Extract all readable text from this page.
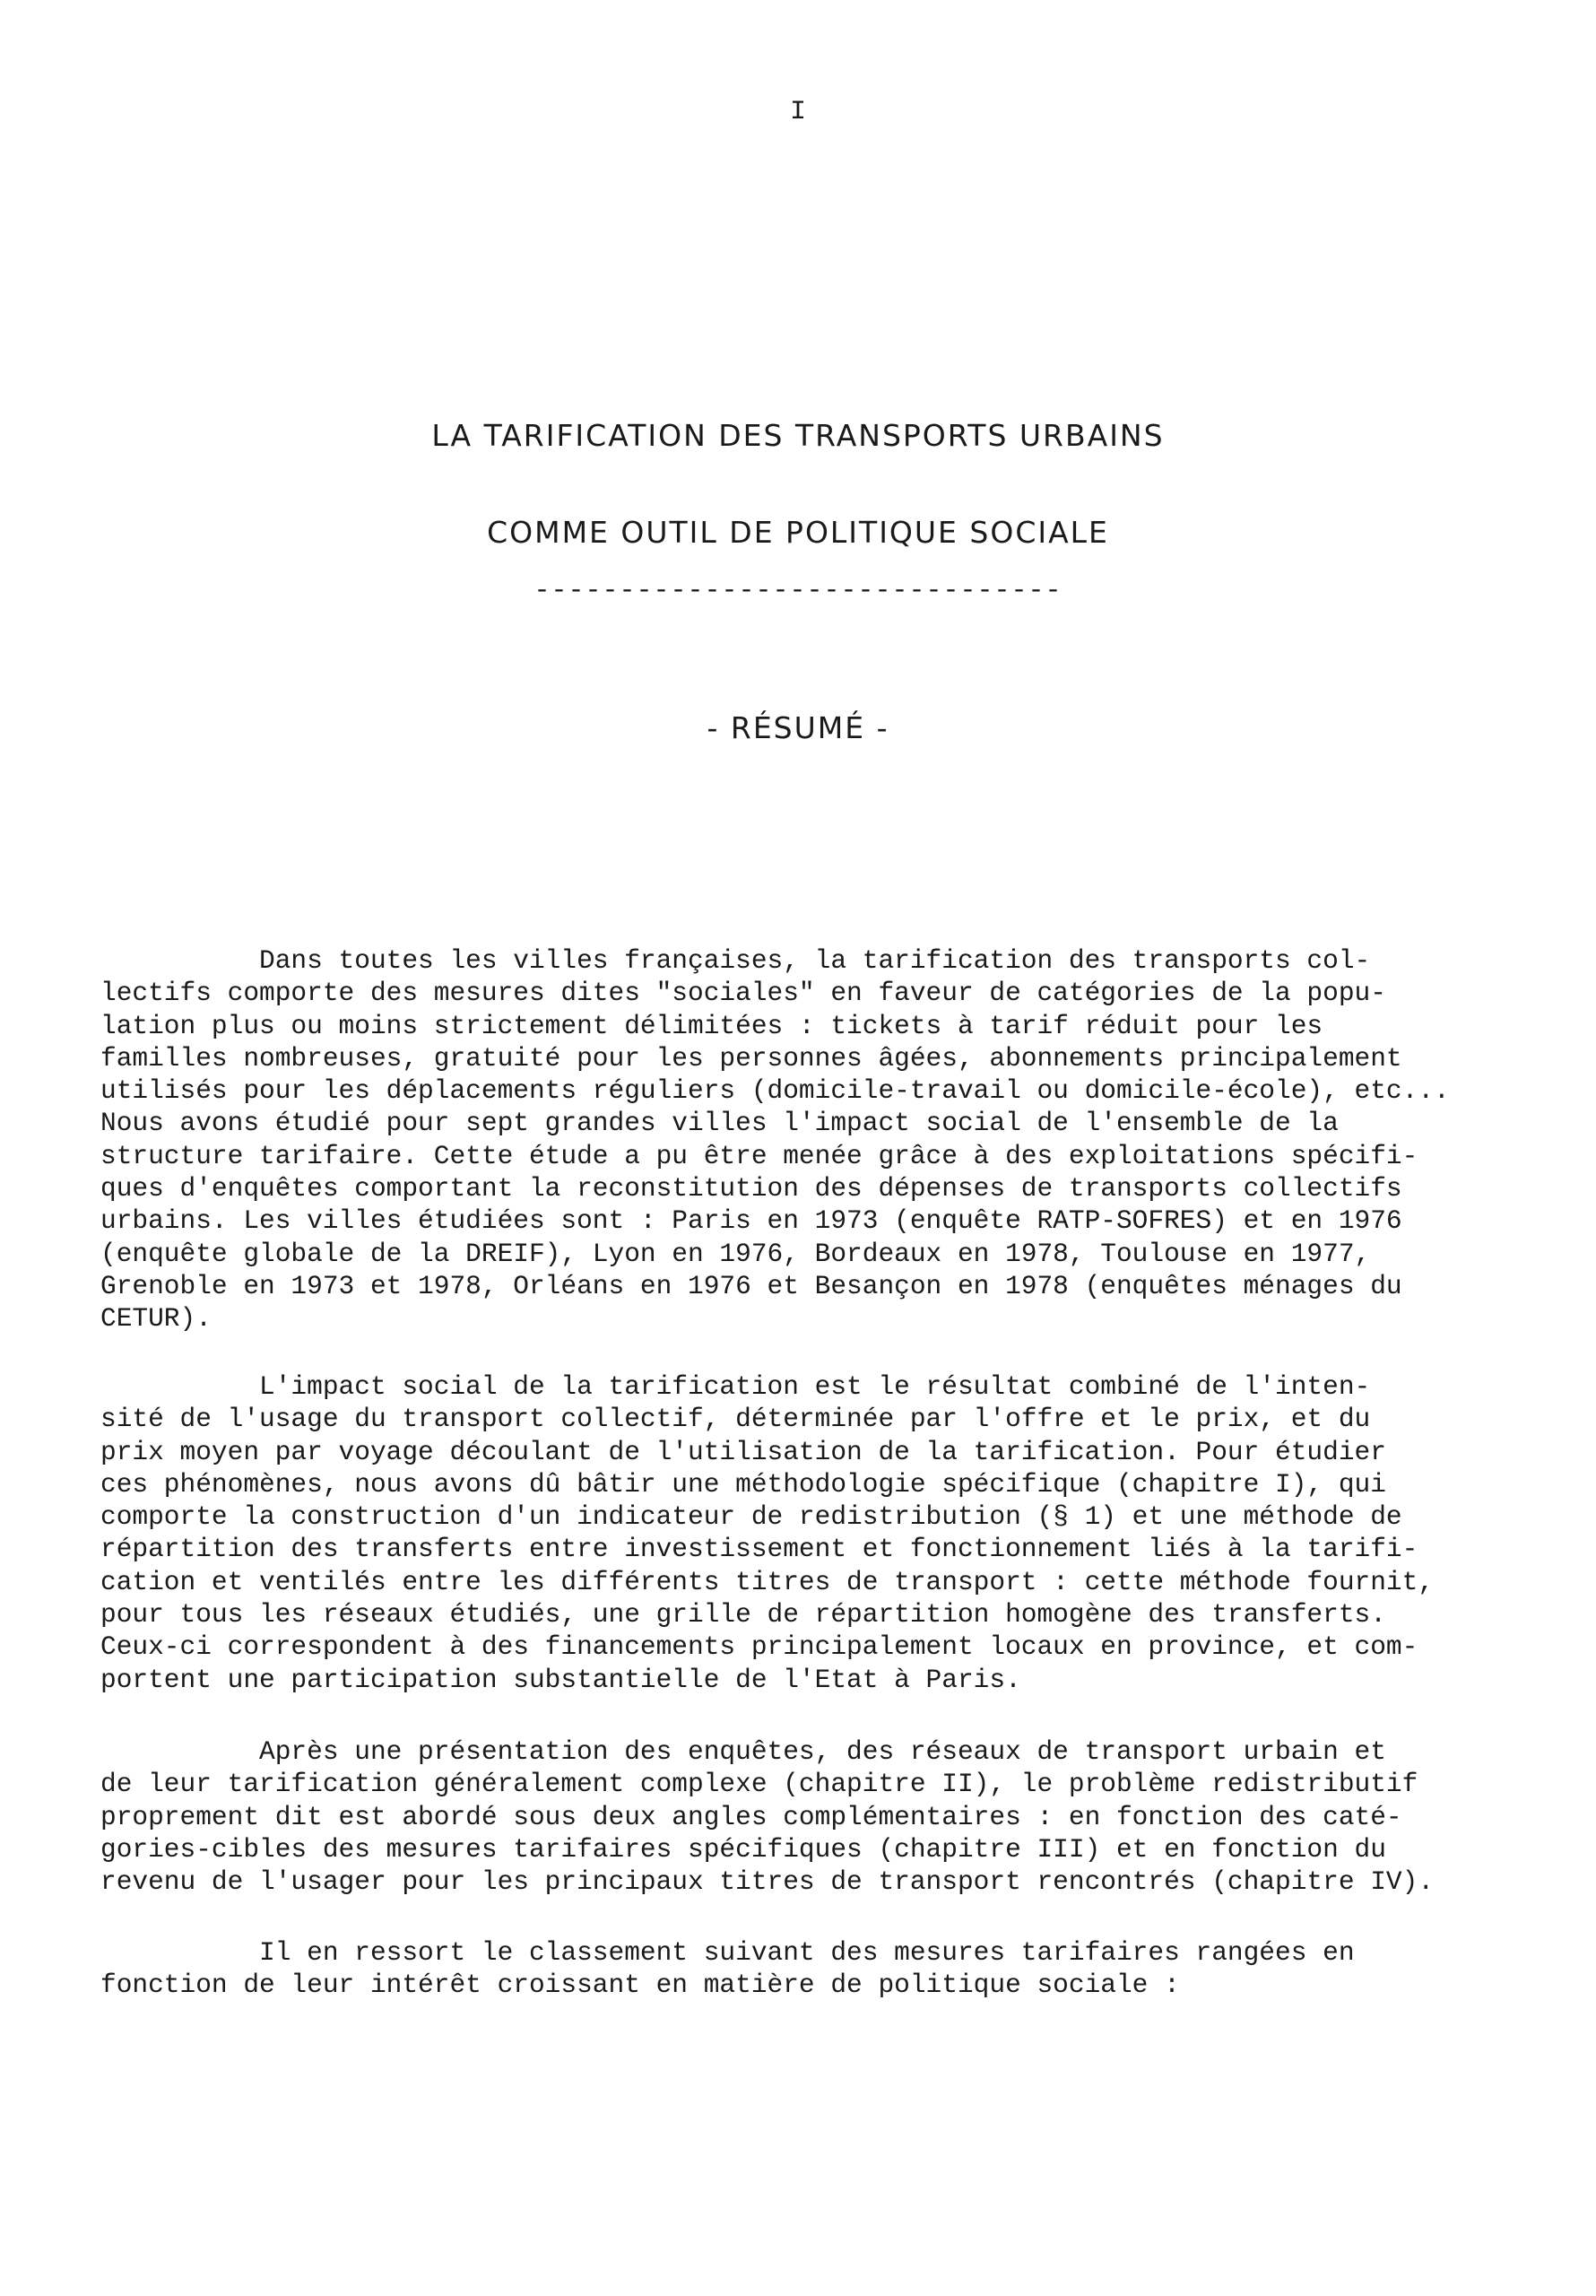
I
LA TARIFICATION DES TRANSPORTS URBAINS
COMME OUTIL DE POLITIQUE SOCIALE
-------------------------------
- RÉSUMÉ -
Dans toutes les villes françaises, la tarification des transports col-
lectifs comporte des mesures dites "sociales" en faveur de catégories de la popu-
lation plus ou moins strictement délimitées : tickets à tarif réduit pour les
familles nombreuses, gratuité pour les personnes âgées, abonnements principalement
utilisés pour les déplacements réguliers (domicile-travail ou domicile-école), etc...
Nous avons étudié pour sept grandes villes l'impact social de l'ensemble de la
structure tarifaire. Cette étude a pu être menée grâce à des exploitations spécifi-
ques d'enquêtes comportant la reconstitution des dépenses de transports collectifs
urbains. Les villes étudiées sont : Paris en 1973 (enquête RATP-SOFRES) et en 1976
(enquête globale de la DREIF), Lyon en 1976, Bordeaux en 1978, Toulouse en 1977,
Grenoble en 1973 et 1978, Orléans en 1976 et Besançon en 1978 (enquêtes ménages du
CETUR).
L'impact social de la tarification est le résultat combiné de l'inten-
sité de l'usage du transport collectif, déterminée par l'offre et le prix, et du
prix moyen par voyage découlant de l'utilisation de la tarification. Pour étudier
ces phénomènes, nous avons dû bâtir une méthodologie spécifique (chapitre I), qui
comporte la construction d'un indicateur de redistribution (§ 1) et une méthode de
répartition des transferts entre investissement et fonctionnement liés à la tarifi-
cation et ventilés entre les différents titres de transport : cette méthode fournit,
pour tous les réseaux étudiés, une grille de répartition homogène des transferts.
Ceux-ci correspondent à des financements principalement locaux en province, et com-
portent une participation substantielle de l'Etat à Paris.
Après une présentation des enquêtes, des réseaux de transport urbain et
de leur tarification généralement complexe (chapitre II), le problème redistributif
proprement dit est abordé sous deux angles complémentaires : en fonction des caté-
gories-cibles des mesures tarifaires spécifiques (chapitre III) et en fonction du
revenu de l'usager pour les principaux titres de transport rencontrés (chapitre IV).
Il en ressort le classement suivant des mesures tarifaires rangées en
fonction de leur intérêt croissant en matière de politique sociale :
